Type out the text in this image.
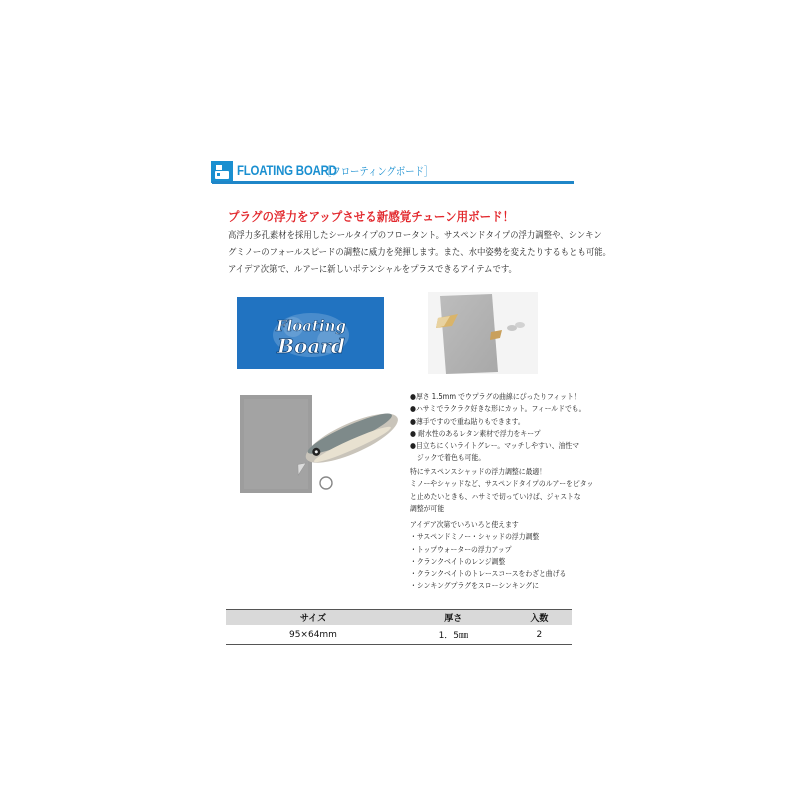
FLOATING BOARD
［フローティングボード］
プラグの浮力をアップさせる新感覚チューン用ボード！
高浮力多孔素材を採用したシールタイプのフロータント。サスペンドタイプの浮力調整や、シンキン
グミノーのフォールスピードの調整に威力を発揮します。また、水中姿勢を変えたりするもとも可能。
アイデア次第で、ルアーに新しいポテンシャルをプラスできるアイテムです。
Floating
Board
●厚さ 1.5mm でウプラグの曲線にぴったりフィット！
●ハサミでラクラク好きな形にカット。フィールドでも。
●薄手ですので重ね貼りもできます。
● 耐水性のあるレタン素材で浮力をキープ
●目立ちにくいライトグレー。マッチしやすい、油性マ
　ジックで着色も可能。
特にサスペンスシャッドの浮力調整に最適！
ミノーやシャッドなど、サスペンドタイプのルアーをピタッ
と止めたいときも、ハサミで切っていけば、ジャストな
調整が可能
アイデア次第でいろいろと使えます
・サスペンドミノー・シャッドの浮力調整
・トップウォーターの浮力アップ
・クランクベイトのレンジ調整
・クランクベイトのトレースコースをわざと曲げる
・シンキングプラグをスローシンキングに
サイズ	厚さ	入数
95×64mm	1．5㎜	2
